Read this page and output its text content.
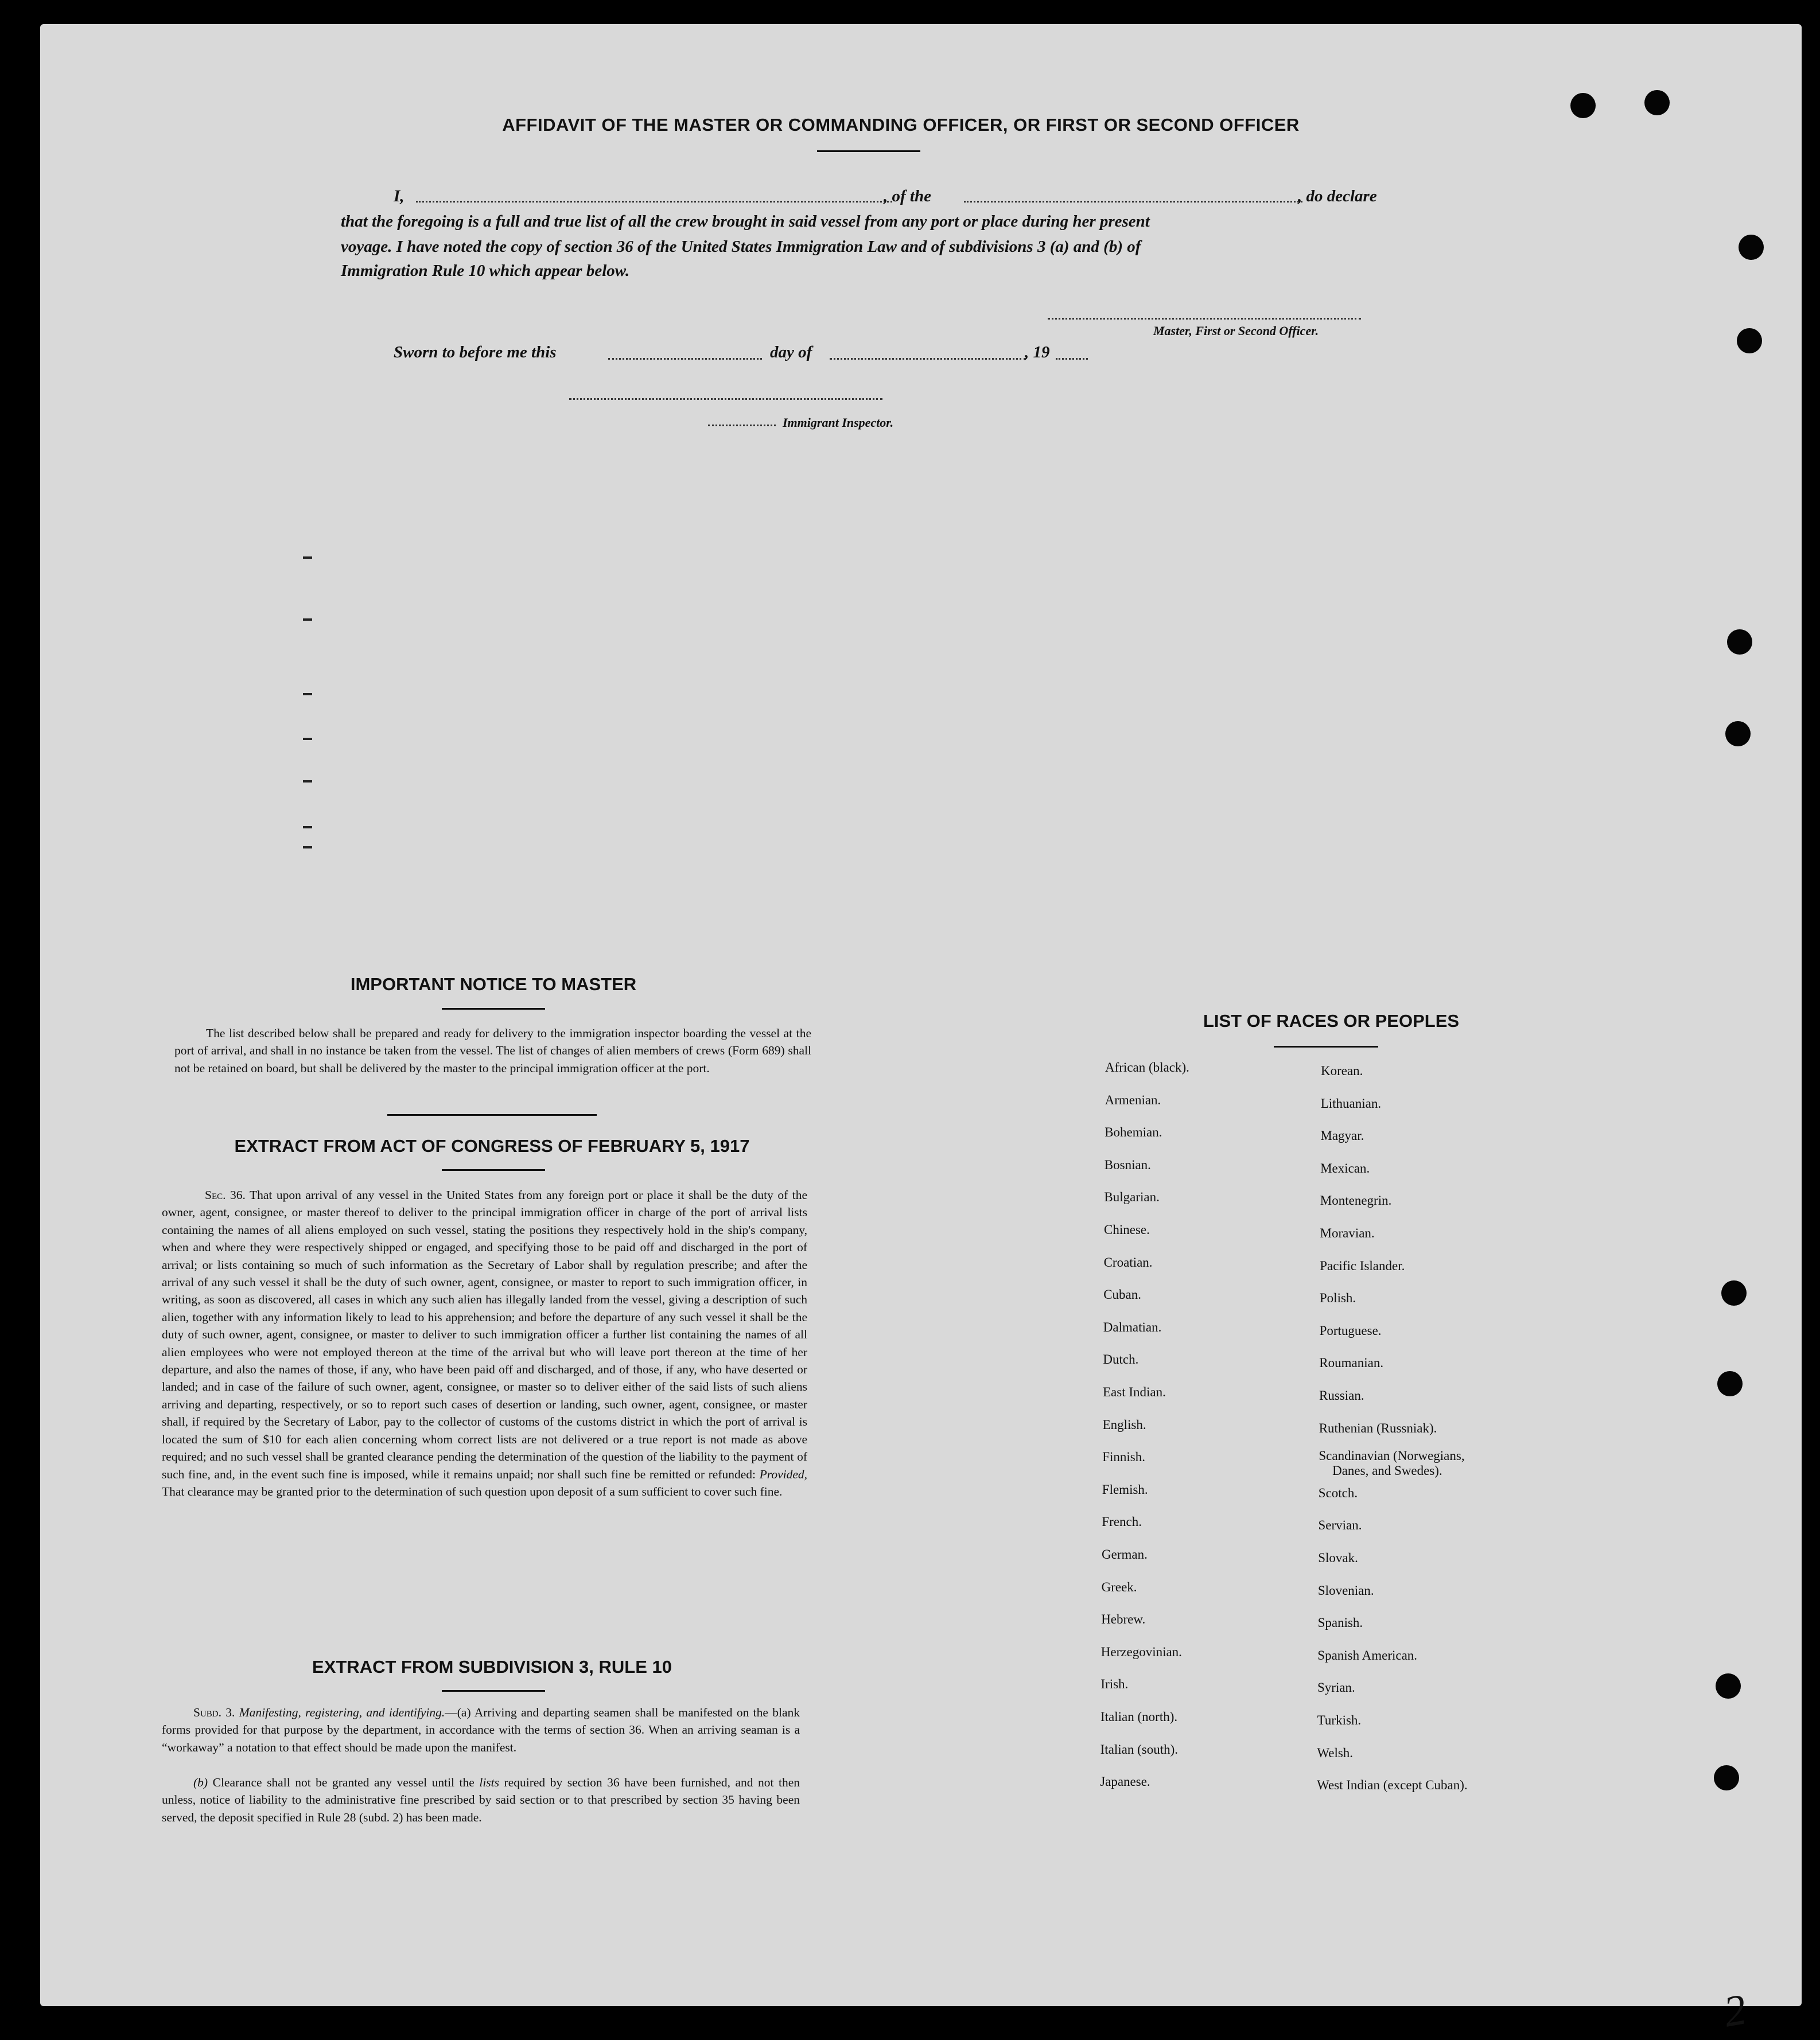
AFFIDAVIT OF THE MASTER OR COMMANDING OFFICER, OR FIRST OR SECOND OFFICER
I,	, of the	, do declare
that the foregoing is a full and true list of all the crew brought in said vessel from any port or place during her present
voyage. I have noted the copy of section 36 of the United States Immigration Law and of subdivisions 3 (a) and (b) of
Immigration Rule 10 which appear below.
Master, First or Second Officer.
Sworn to before me this	day of	, 19
Immigrant Inspector.
IMPORTANT NOTICE TO MASTER

The list described below shall be prepared and ready for delivery to the immigration inspector boarding the vessel at the port of arrival, and shall in no instance be taken from the vessel. The list of changes of alien members of crews (Form 689) shall not be retained on board, but shall be delivered by the master to the principal immigration officer at the port.

EXTRACT FROM ACT OF CONGRESS OF FEBRUARY 5, 1917

Sec. 36. That upon arrival of any vessel in the United States from any foreign port or place it shall be the duty of the owner, agent, consignee, or master thereof to deliver to the principal immigration officer in charge of the port of arrival lists containing the names of all aliens employed on such vessel, stating the positions they respectively hold in the ship's company, when and where they were respectively shipped or engaged, and specifying those to be paid off and discharged in the port of arrival; or lists containing so much of such information as the Secretary of Labor shall by regulation prescribe; and after the arrival of any such vessel it shall be the duty of such owner, agent, consignee, or master to report to such immigration officer, in writing, as soon as discovered, all cases in which any such alien has illegally landed from the vessel, giving a description of such alien, together with any information likely to lead to his apprehension; and before the departure of any such vessel it shall be the duty of such owner, agent, consignee, or master to deliver to such immigration officer a further list containing the names of all alien employees who were not employed thereon at the time of the arrival but who will leave port thereon at the time of her departure, and also the names of those, if any, who have been paid off and discharged, and of those, if any, who have deserted or landed; and in case of the failure of such owner, agent, consignee, or master so to deliver either of the said lists of such aliens arriving and departing, respectively, or so to report such cases of desertion or landing, such owner, agent, consignee, or master shall, if required by the Secretary of Labor, pay to the collector of customs of the customs district in which the port of arrival is located the sum of $10 for each alien concerning whom correct lists are not delivered or a true report is not made as above required; and no such vessel shall be granted clearance pending the determination of the question of the liability to the payment of such fine, and, in the event such fine is imposed, while it remains unpaid; nor shall such fine be remitted or refunded: Provided, That clearance may be granted prior to the determination of such question upon deposit of a sum sufficient to cover such fine.

EXTRACT FROM SUBDIVISION 3, RULE 10

Subd. 3. Manifesting, registering, and identifying.—(a) Arriving and departing seamen shall be manifested on the blank forms provided for that purpose by the department, in accordance with the terms of section 36. When an arriving seaman is a “workaway” a notation to that effect should be made upon the manifest.

(b) Clearance shall not be granted any vessel until the lists required by section 36 have been furnished, and not then unless, notice of liability to the administrative fine prescribed by said section or to that prescribed by section 35 having been served, the deposit specified in Rule 28 (subd. 2) has been made.

LIST OF RACES OR PEOPLES
2
African (black).
Armenian.
Bohemian.
Bosnian.
Bulgarian.
Chinese.
Croatian.
Cuban.
Dalmatian.
Dutch.
East Indian.
English.
Finnish.
Flemish.
French.
German.
Greek.
Hebrew.
Herzegovinian.
Irish.
Italian (north).
Italian (south).
Japanese.
Korean.
Lithuanian.
Magyar.
Mexican.
Montenegrin.
Moravian.
Pacific Islander.
Polish.
Portuguese.
Roumanian.
Russian.
Ruthenian (Russniak).
Scandinavian (Norwegians,
Danes, and Swedes).
Scotch.
Servian.
Slovak.
Slovenian.
Spanish.
Spanish American.
Syrian.
Turkish.
Welsh.
West Indian (except Cuban).
